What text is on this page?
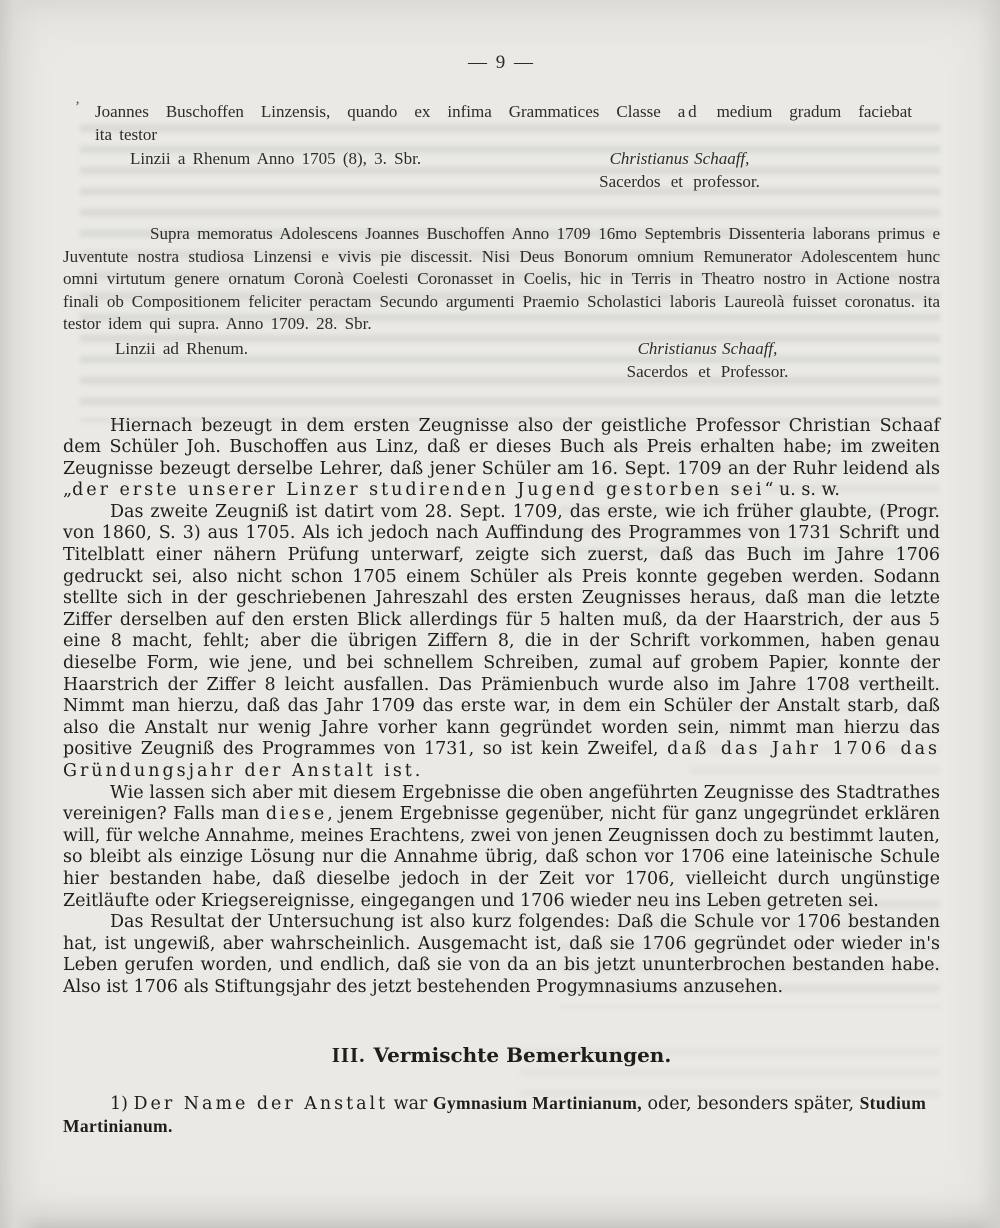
— 9 —
’ Joannes Buschoffen Linzensis, quando ex infima Grammatices Classe ad medium gradum faciebat
ita testor
Linzii a Rhenum Anno 1705 (8), 3. Sbr.	Christianus Schaaff,
Sacerdos et professor.
Supra memoratus Adolescens Joannes Buschoffen Anno 1709 16mo Septembris Dissenteria laborans primus e Juventute nostra studiosa Linzensi e vivis pie discessit. Nisi Deus Bonorum omnium Remunerator Adolescentem hunc omni virtutum genere ornatum Coronà Coelesti Coronasset in Coelis, hic in Terris in Theatro nostro in Actione nostra finali ob Compositionem feliciter peractam Secundo argumenti Praemio Scholastici laboris Laureolà fuisset coronatus. ita testor idem qui supra. Anno 1709. 28. Sbr.
Linzii ad Rhenum.	Christianus Schaaff,
Sacerdos et Professor.

Hiernach bezeugt in dem ersten Zeugnisse also der geistliche Professor Christian Schaaf dem Schüler Joh. Buschoffen aus Linz, daß er dieses Buch als Preis erhalten habe; im zweiten Zeugnisse bezeugt derselbe Lehrer, daß jener Schüler am 16. Sept. 1709 an der Ruhr leidend als „der erste unserer Linzer studirenden Jugend gestorben sei“ u. s. w.

Das zweite Zeugniß ist datirt vom 28. Sept. 1709, das erste, wie ich früher glaubte, (Progr. von 1860, S. 3) aus 1705. Als ich jedoch nach Auffindung des Programmes von 1731 Schrift und Titelblatt einer nähern Prüfung unterwarf, zeigte sich zuerst, daß das Buch im Jahre 1706 gedruckt sei, also nicht schon 1705 einem Schüler als Preis konnte gegeben werden. Sodann stellte sich in der geschriebenen Jahreszahl des ersten Zeugnisses heraus, daß man die letzte Ziffer derselben auf den ersten Blick allerdings für 5 halten muß, da der Haarstrich, der aus 5 eine 8 macht, fehlt; aber die übrigen Ziffern 8, die in der Schrift vorkommen, haben genau dieselbe Form, wie jene, und bei schnellem Schreiben, zumal auf grobem Papier, konnte der Haarstrich der Ziffer 8 leicht ausfallen. Das Prämienbuch wurde also im Jahre 1708 vertheilt. Nimmt man hierzu, daß das Jahr 1709 das erste war, in dem ein Schüler der Anstalt starb, daß also die Anstalt nur wenig Jahre vorher kann gegründet worden sein, nimmt man hierzu das positive Zeugniß des Programmes von 1731, so ist kein Zweifel, daß das Jahr 1706 das Gründungsjahr der Anstalt ist.

Wie lassen sich aber mit diesem Ergebnisse die oben angeführten Zeugnisse des Stadtrathes vereinigen? Falls man diese, jenem Ergebnisse gegenüber, nicht für ganz ungegründet erklären will, für welche Annahme, meines Erachtens, zwei von jenen Zeugnissen doch zu bestimmt lauten, so bleibt als einzige Lösung nur die Annahme übrig, daß schon vor 1706 eine lateinische Schule hier bestanden habe, daß dieselbe jedoch in der Zeit vor 1706, vielleicht durch ungünstige Zeitläufte oder Kriegsereignisse, eingegangen und 1706 wieder neu ins Leben getreten sei.

Das Resultat der Untersuchung ist also kurz folgendes: Daß die Schule vor 1706 bestanden hat, ist ungewiß, aber wahrscheinlich. Ausgemacht ist, daß sie 1706 gegründet oder wieder in's Leben gerufen worden, und endlich, daß sie von da an bis jetzt ununterbrochen bestanden habe. Also ist 1706 als Stiftungsjahr des jetzt bestehenden Progymnasiums anzusehen.

III. Vermischte Bemerkungen.

1) Der Name der Anstalt war Gymnasium Martinianum, oder, besonders später, Studium Martinianum.
